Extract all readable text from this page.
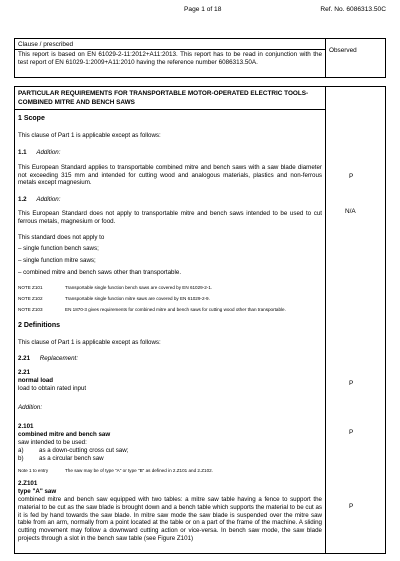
Page 1 of 18	Ref. No. 6086313.50C
Clause / prescribed
This report is based on EN 61029-2-11:2012+A11:2013. This report has to be read in conjunction with the test report of EN 61029-1:2009+A11:2010 having the reference number 6086313.50A.
Observed
PARTICULAR REQUIREMENTS FOR TRANSPORTABLE MOTOR-OPERATED ELECTRIC TOOLS- COMBINED MITRE AND BENCH SAWS
1 Scope
This clause of Part 1 is applicable except as follows:
1.1 Addition:
This European Standard applies to transportable combined mitre and bench saws with a saw blade diameter not exceeding 315 mm and intended for cutting wood and analogous materials, plastics and non-ferrous metals except magnesium.
P
1.2 Addition:
This European Standard does not apply to transportable mitre and bench saws intended to be used to cut ferrous metals, magnesium or food.
N/A
This standard does not apply to
– single function bench saws;
– single function mitre saws;
– combined mitre and bench saws other than transportable.
NOTE Z101	Transportable single function bench saws are covered by EN 61029-2-1.
NOTE Z102	Transportable single function mitre saws are covered by EN 61029-2-9.
NOTE Z103	EN 1870-3 gives requirements for combined mitre and bench saws for cutting wood other than transportable.
2 Definitions
This clause of Part 1 is applicable except as follows:
2.21 Replacement:
2.21
normal load
load to obtain rated input
P
Addition:
2.101
combined mitre and bench saw
saw intended to be used:
a) as a down-cutting cross cut saw;
b) as a circular bench saw
P
Note 1 to entry	The saw may be of type "A" or type "B" as defined in 2.Z101 and 2.Z102.
2.Z101
type "A" saw
combined mitre and bench saw equipped with two tables: a mitre saw table having a fence to support the material to be cut as the saw blade is brought down and a bench table which supports the material to be cut as it is fed by hand towards the saw blade. In mitre saw mode the saw blade is suspended over the mitre saw table from an arm, normally from a point located at the table or on a part of the frame of the machine. A sliding cutting movement may follow a downward cutting action or vice-versa. In bench saw mode, the saw blade projects through a slot in the bench saw table (see Figure Z101)
P
